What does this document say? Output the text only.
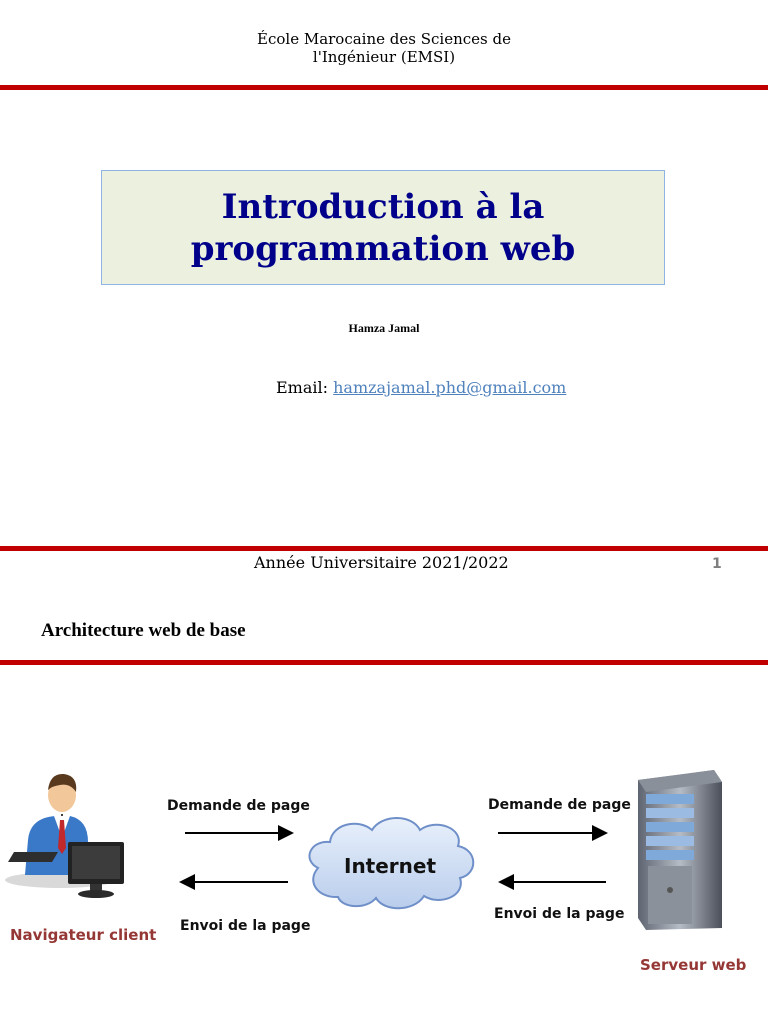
École Marocaine des Sciences de
l'Ingénieur (EMSI)
Introduction à la
programmation web
Hamza Jamal
Email: hamzajamal.phd@gmail.com
Année Universitaire 2021/2022	1
Architecture web de base
Demande de page
Envoi de la page
Demande de page
Envoi de la page
Internet
Navigateur client
Serveur web
